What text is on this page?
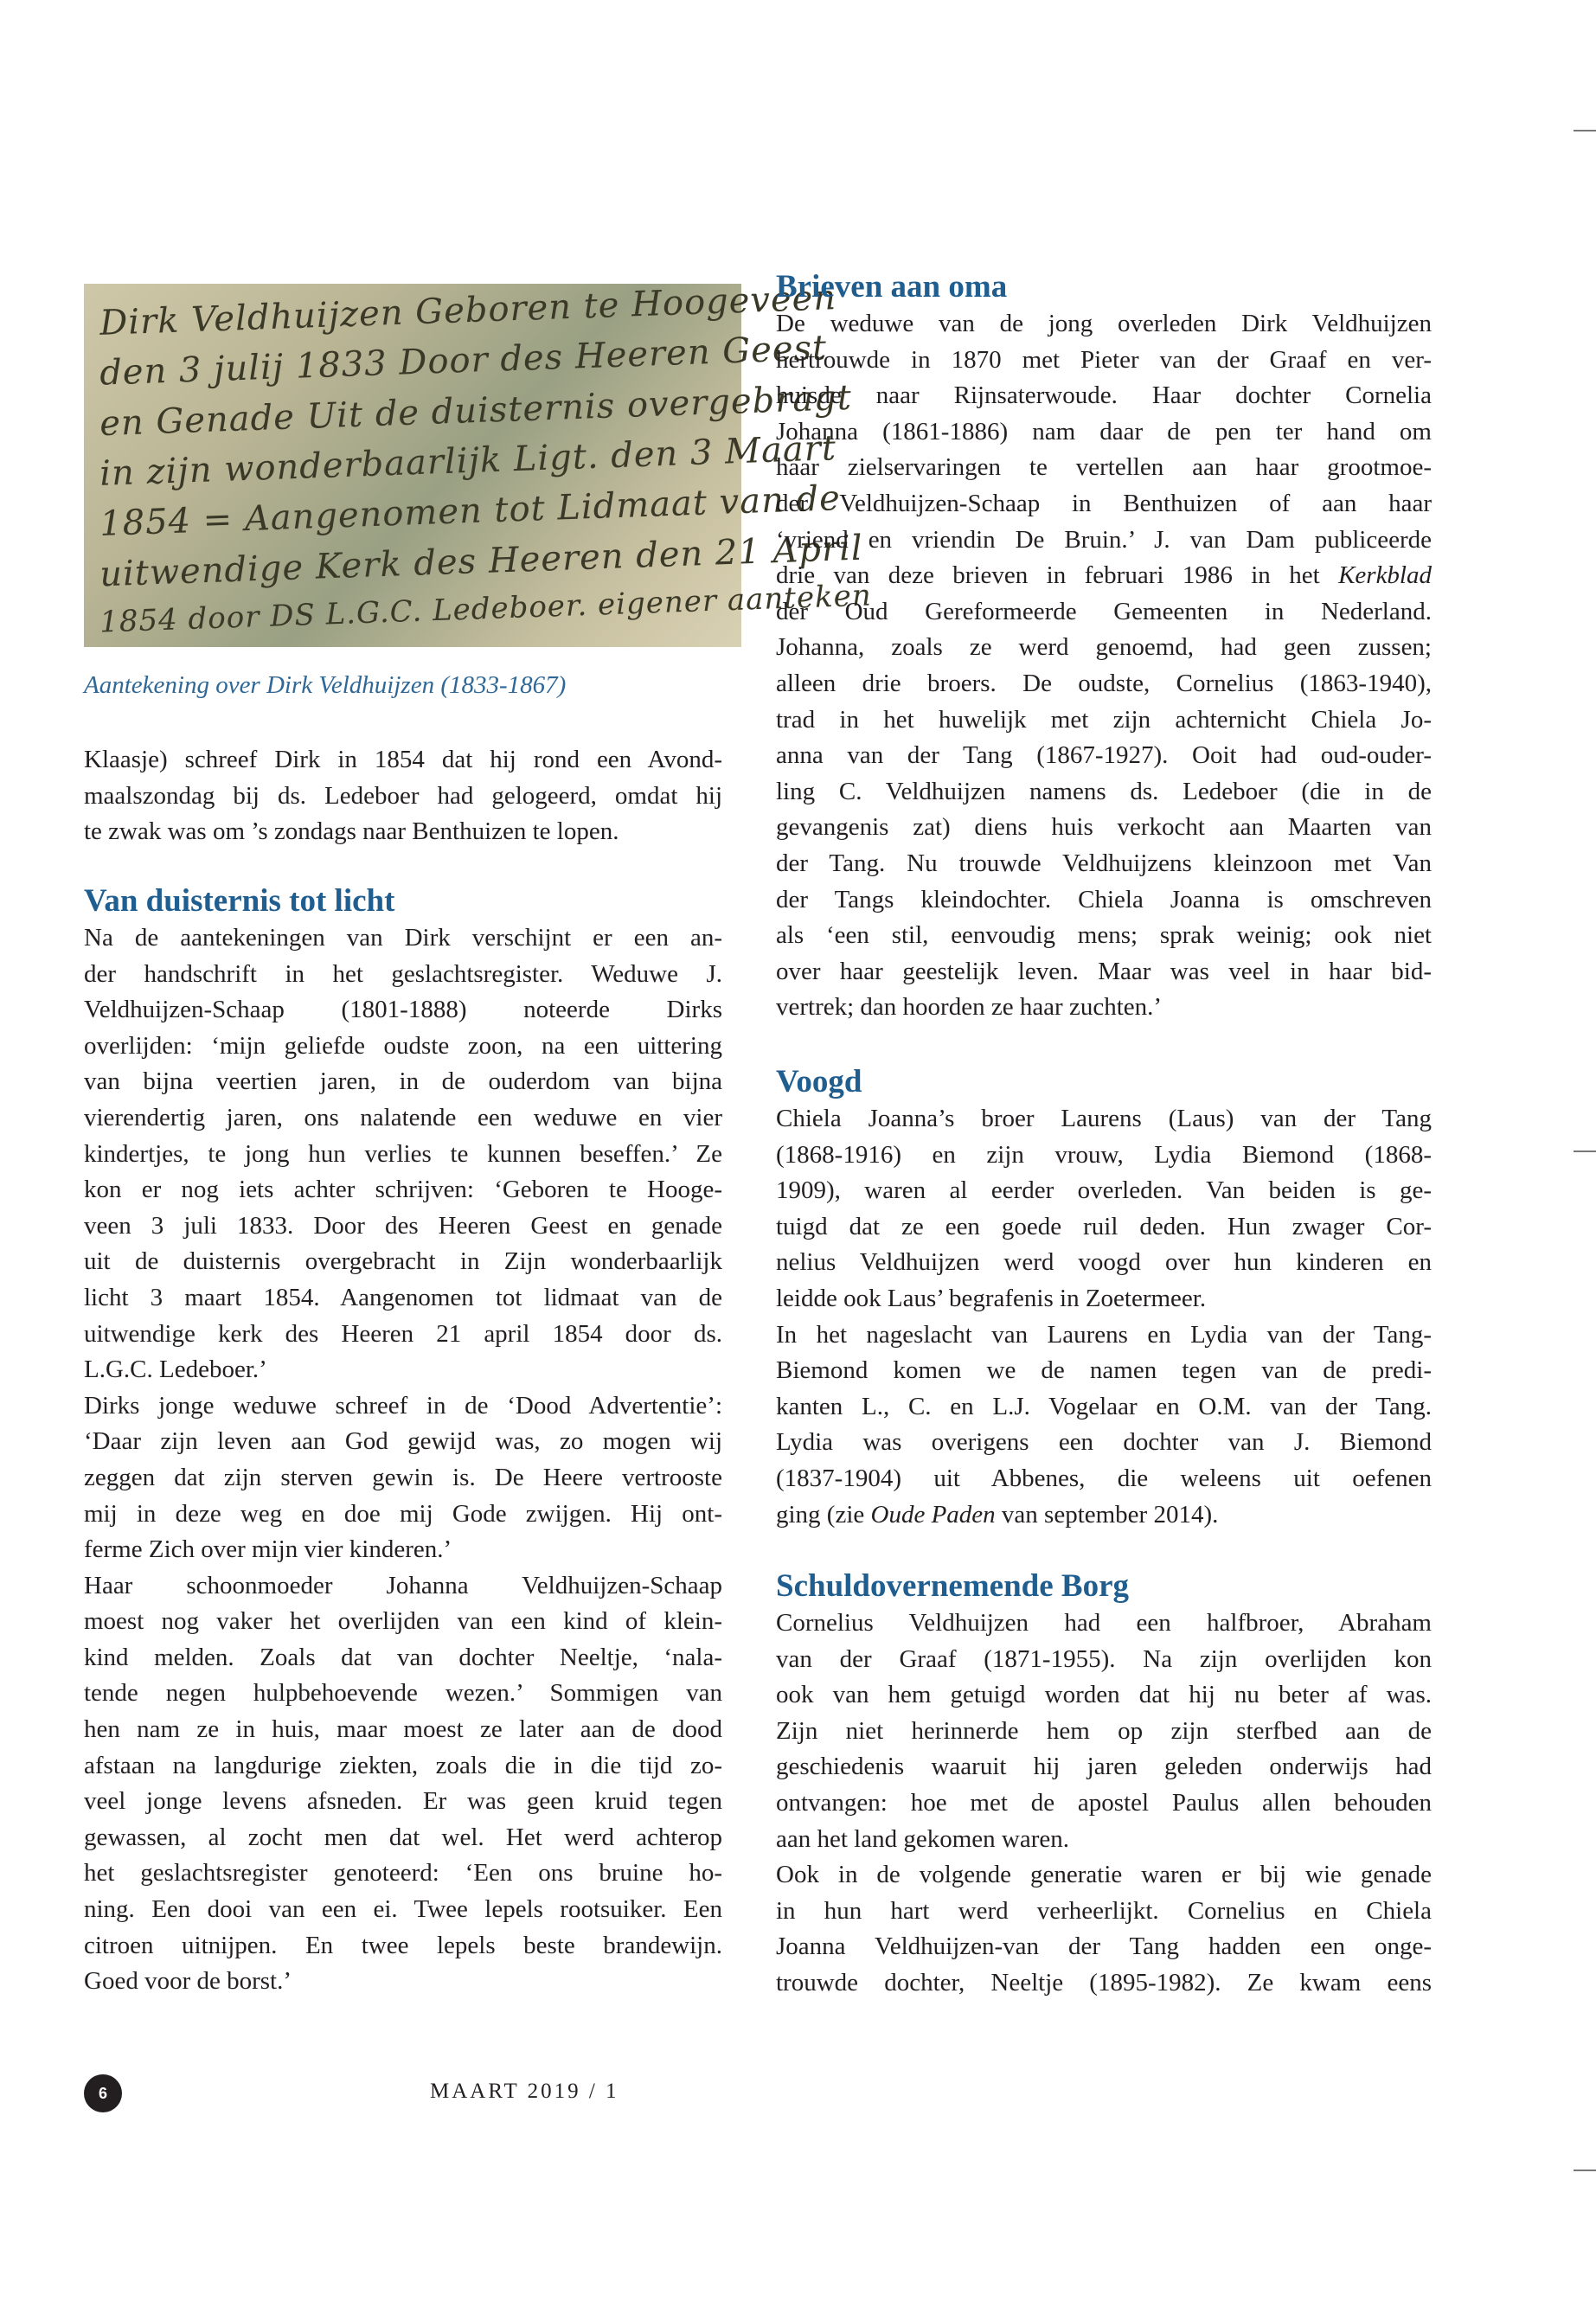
Dirk Veldhuijzen Geboren te Hoogeveen
den 3 julij 1833 Door des Heeren Geest
en Genade Uit de duisternis overgebragt
in zijn wonderbaarlijk Ligt. den 3 Maart
1854 = Aangenomen tot Lidmaat van de
uitwendige Kerk des Heeren den 21 April
1854 door DS L.G.C. Ledeboer. eigener aanteken

Aantekening over Dirk Veldhuijzen (1833-1867)

Klaasje) schreef Dirk in 1854 dat hij rond een Avond-
maalszondag bij ds. Ledeboer had gelogeerd, omdat hij
te zwak was om ’s zondags naar Benthuizen te lopen.
Van duisternis tot licht
Na de aantekeningen van Dirk verschijnt er een an-
der handschrift in het geslachtsregister. Weduwe J.
Veldhuijzen-Schaap (1801-1888) noteerde Dirks
overlijden: ‘mijn geliefde oudste zoon, na een uittering
van bijna veertien jaren, in de ouderdom van bijna
vierendertig jaren, ons nalatende een weduwe en vier
kindertjes, te jong hun verlies te kunnen beseffen.’ Ze
kon er nog iets achter schrijven: ‘Geboren te Hooge-
veen 3 juli 1833. Door des Heeren Geest en genade
uit de duisternis overgebracht in Zijn wonderbaarlijk
licht 3 maart 1854. Aangenomen tot lidmaat van de
uitwendige kerk des Heeren 21 april 1854 door ds.
L.G.C. Ledeboer.’
Dirks jonge weduwe schreef in de ‘Dood Advertentie’:
‘Daar zijn leven aan God gewijd was, zo mogen wij
zeggen dat zijn sterven gewin is. De Heere vertrooste
mij in deze weg en doe mij Gode zwijgen. Hij ont-
ferme Zich over mijn vier kinderen.’
Haar schoonmoeder Johanna Veldhuijzen-Schaap
moest nog vaker het overlijden van een kind of klein-
kind melden. Zoals dat van dochter Neeltje, ‘nala-
tende negen hulpbehoevende wezen.’ Sommigen van
hen nam ze in huis, maar moest ze later aan de dood
afstaan na langdurige ziekten, zoals die in die tijd zo-
veel jonge levens afsneden. Er was geen kruid tegen
gewassen, al zocht men dat wel. Het werd achterop
het geslachtsregister genoteerd: ‘Een ons bruine ho-
ning. Een dooi van een ei. Twee lepels rootsuiker. Een
citroen uitnijpen. En twee lepels beste brandewijn.
Goed voor de borst.’
Brieven aan oma
De weduwe van de jong overleden Dirk Veldhuijzen
hertrouwde in 1870 met Pieter van der Graaf en ver-
huisde naar Rijnsaterwoude. Haar dochter Cornelia
Johanna (1861-1886) nam daar de pen ter hand om
haar zielservaringen te vertellen aan haar grootmoe-
der Veldhuijzen-Schaap in Benthuizen of aan haar
‘vriend en vriendin De Bruin.’ J. van Dam publiceerde
drie van deze brieven in februari 1986 in het Kerkblad
der Oud Gereformeerde Gemeenten in Nederland.
Johanna, zoals ze werd genoemd, had geen zussen;
alleen drie broers. De oudste, Cornelius (1863-1940),
trad in het huwelijk met zijn achternicht Chiela Jo-
anna van der Tang (1867-1927). Ooit had oud-ouder-
ling C. Veldhuijzen namens ds. Ledeboer (die in de
gevangenis zat) diens huis verkocht aan Maarten van
der Tang. Nu trouwde Veldhuijzens kleinzoon met Van
der Tangs kleindochter. Chiela Joanna is omschreven
als ‘een stil, eenvoudig mens; sprak weinig; ook niet
over haar geestelijk leven. Maar was veel in haar bid-
vertrek; dan hoorden ze haar zuchten.’
Voogd
Chiela Joanna’s broer Laurens (Laus) van der Tang
(1868-1916) en zijn vrouw, Lydia Biemond (1868-
1909), waren al eerder overleden. Van beiden is ge-
tuigd dat ze een goede ruil deden. Hun zwager Cor-
nelius Veldhuijzen werd voogd over hun kinderen en
leidde ook Laus’ begrafenis in Zoetermeer.
In het nageslacht van Laurens en Lydia van der Tang-
Biemond komen we de namen tegen van de predi-
kanten L., C. en L.J. Vogelaar en O.M. van der Tang.
Lydia was overigens een dochter van J. Biemond
(1837-1904) uit Abbenes, die weleens uit oefenen
ging (zie Oude Paden van september 2014).
Schuldovernemende Borg
Cornelius Veldhuijzen had een halfbroer, Abraham
van der Graaf (1871-1955). Na zijn overlijden kon
ook van hem getuigd worden dat hij nu beter af was.
Zijn niet herinnerde hem op zijn sterfbed aan de
geschiedenis waaruit hij jaren geleden onderwijs had
ontvangen: hoe met de apostel Paulus allen behouden
aan het land gekomen waren.
Ook in de volgende generatie waren er bij wie genade
in hun hart werd verheerlijkt. Cornelius en Chiela
Joanna Veldhuijzen-van der Tang hadden een onge-
trouwde dochter, Neeltje (1895-1982). Ze kwam eens
6	MAART 2019 / 1
